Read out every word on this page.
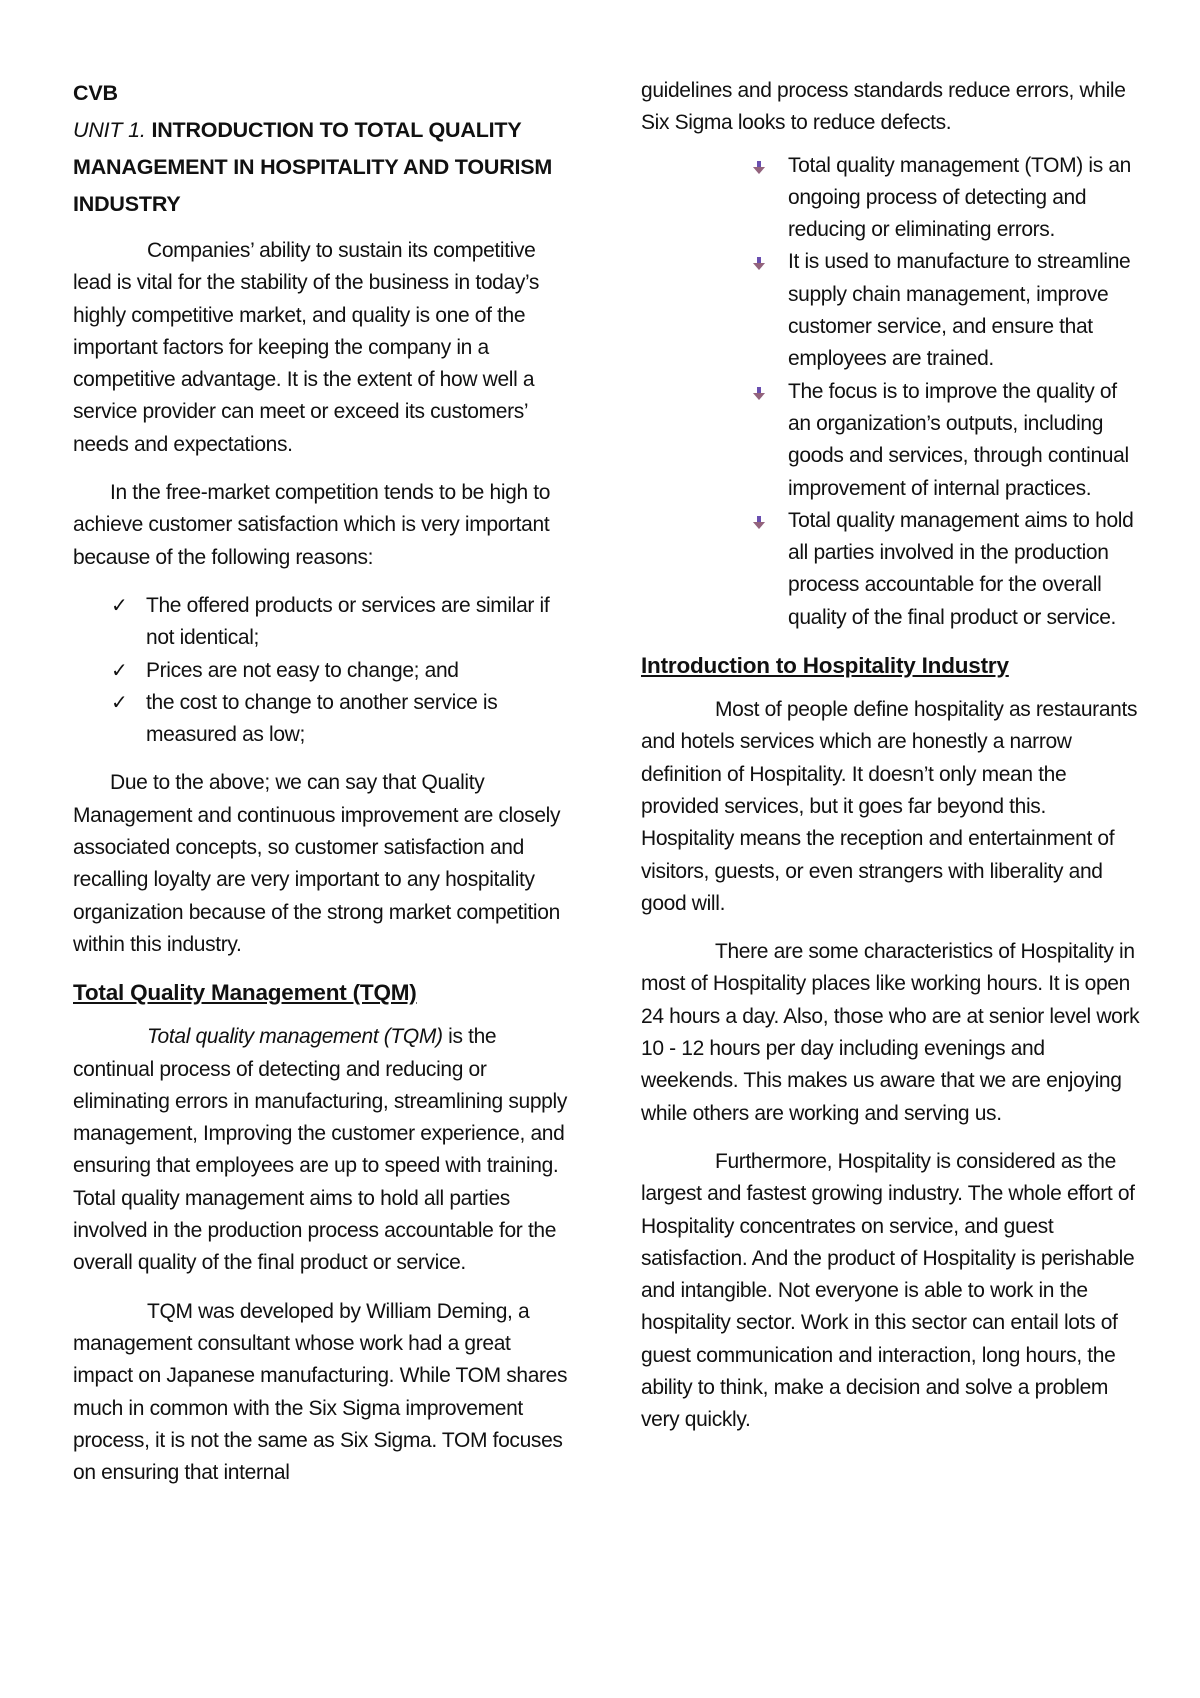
CVB
UNIT 1. INTRODUCTION TO TOTAL QUALITY MANAGEMENT IN HOSPITALITY AND TOURISM INDUSTRY

Companies’ ability to sustain its competitive lead is vital for the stability of the business in today’s highly competitive market, and quality is one of the important factors for keeping the company in a competitive advantage. It is the extent of how well a service provider can meet or exceed its customers’ needs and expectations.

In the free-market competition tends to be high to achieve customer satisfaction which is very important because of the following reasons:

✓ The offered products or services are similar if not identical;
✓ Prices are not easy to change; and
✓ the cost to change to another service is measured as low;

Due to the above; we can say that Quality Management and continuous improvement are closely associated concepts, so customer satisfaction and recalling loyalty are very important to any hospitality organization because of the strong market competition within this industry.

Total Quality Management (TQM)

Total quality management (TQM) is the continual process of detecting and reducing or eliminating errors in manufacturing, streamlining supply management, Improving the customer experience, and ensuring that employees are up to speed with training. Total quality management aims to hold all parties involved in the production process accountable for the overall quality of the final product or service.

TQM was developed by William Deming, a management consultant whose work had a great impact on Japanese manufacturing. While TOM shares much in common with the Six Sigma improvement process, it is not the same as Six Sigma. TOM focuses on ensuring that internal

guidelines and process standards reduce errors, while Six Sigma looks to reduce defects.

Total quality management (TOM) is an ongoing process of detecting and reducing or eliminating errors.
It is used to manufacture to streamline supply chain management, improve customer service, and ensure that employees are trained.
The focus is to improve the quality of an organization’s outputs, including goods and services, through continual improvement of internal practices.
Total quality management aims to hold all parties involved in the production process accountable for the overall quality of the final product or service.
Introduction to Hospitality Industry

Most of people define hospitality as restaurants and hotels services which are honestly a narrow definition of Hospitality. It doesn’t only mean the provided services, but it goes far beyond this. Hospitality means the reception and entertainment of visitors, guests, or even strangers with liberality and good will.

There are some characteristics of Hospitality in most of Hospitality places like working hours. It is open 24 hours a day. Also, those who are at senior level work 10 - 12 hours per day including evenings and weekends. This makes us aware that we are enjoying while others are working and serving us.

Furthermore, Hospitality is considered as the largest and fastest growing industry. The whole effort of Hospitality concentrates on service, and guest satisfaction. And the product of Hospitality is perishable and intangible. Not everyone is able to work in the hospitality sector. Work in this sector can entail lots of guest communication and interaction, long hours, the ability to think, make a decision and solve a problem very quickly.
